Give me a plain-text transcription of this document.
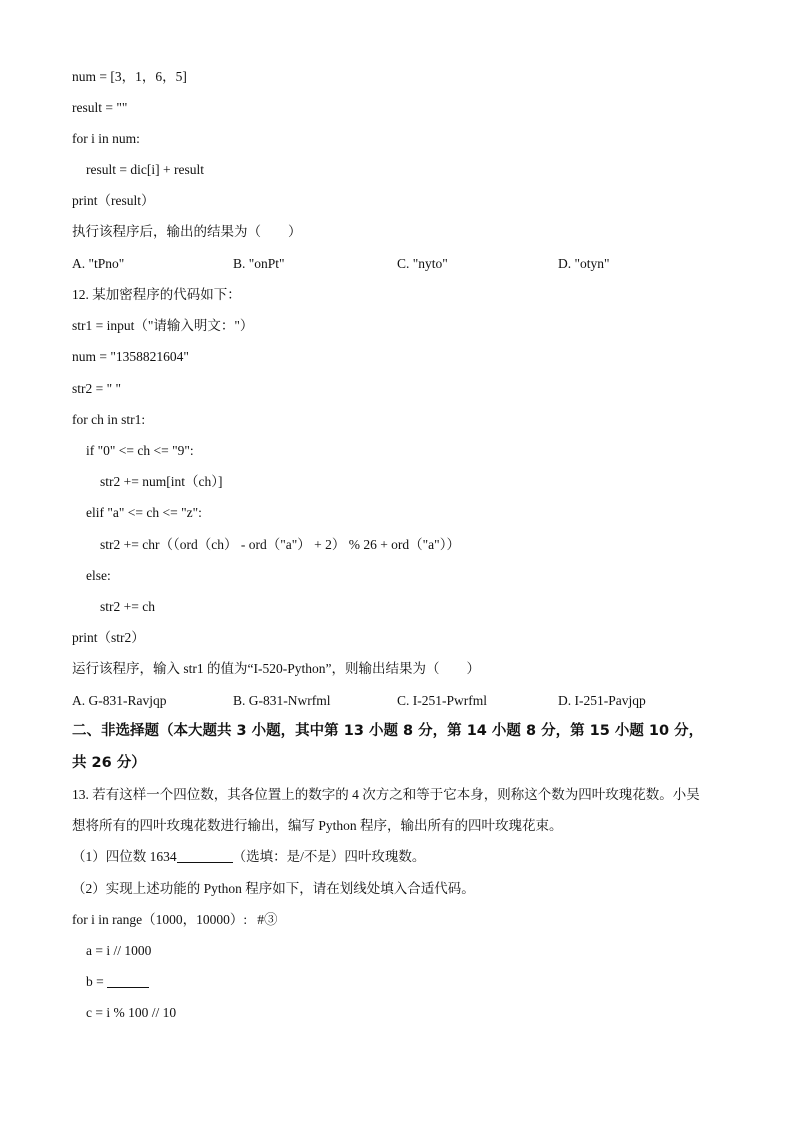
num = [3，1，6，5]
result = ""
for i in num:
result = dic[i] + result
print（result）
执行该程序后，输出的结果为（　　）
A. "tPno"	B. "onPt"	C. "nyto"	D. "otyn"
12. 某加密程序的代码如下：
str1 = input（"请输入明文："）
num = "1358821604"
str2 = " "
for ch in str1:
if "0" <= ch <= "9":
str2 += num[int（ch）]
elif "a" <= ch <= "z":
str2 += chr（（ord（ch） - ord（"a"） + 2） % 26 + ord（"a"））
else:
str2 += ch
print（str2）
运行该程序，输入 str1 的值为“I-520-Python”，则输出结果为（　　）
A. G-831-Ravjqp	B. G-831-Nwrfml	C. I-251-Pwrfml	D. I-251-Pavjqp
二、非选择题（本大题共 3 小题，其中第 13 小题 8 分，第 14 小题 8 分，第 15 小题 10 分，
共 26 分）
13. 若有这样一个四位数，其各位置上的数字的 4 次方之和等于它本身，则称这个数为四叶玫瑰花数。小吴
想将所有的四叶玫瑰花数进行输出，编写 Python 程序，输出所有的四叶玫瑰花束。
（1）四位数 1634	（选填：是/不是）四叶玫瑰数。
（2）实现上述功能的 Python 程序如下，请在划线处填入合适代码。
for i in range（1000，10000）:   #③
a = i // 1000
b =
c = i % 100 // 10
